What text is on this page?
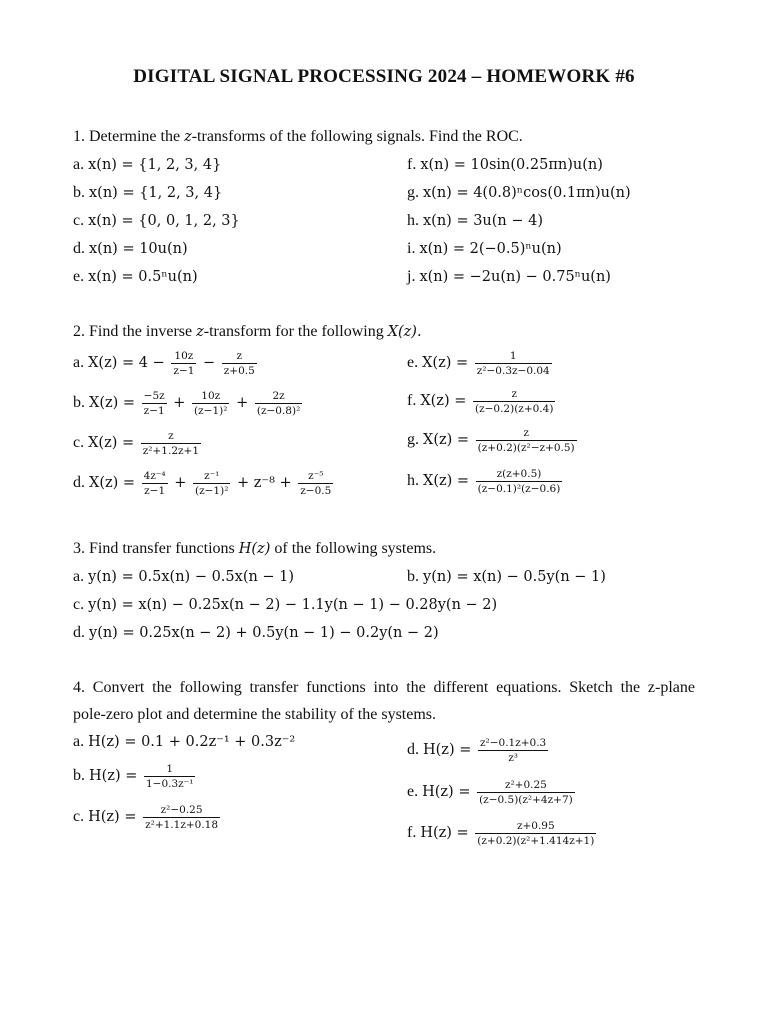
DIGITAL SIGNAL PROCESSING 2024 – HOMEWORK #6
1. Determine the z-transforms of the following signals. Find the ROC.
a. x(n) = {1, 2, 3, 4}
b. x(n) = {1, 2, 3, 4}
c. x(n) = {0, 0, 1, 2, 3}
d. x(n) = 10u(n)
e. x(n) = 0.5ⁿu(n)
f. x(n) = 10sin(0.25πn)u(n)
g. x(n) = 4(0.8)ⁿcos(0.1πn)u(n)
h. x(n) = 3u(n − 4)
i. x(n) = 2(−0.5)ⁿu(n)
j. x(n) = −2u(n) − 0.75ⁿu(n)
2. Find the inverse z-transform for the following X(z).
a. $X(z) = 4 - \frac{10z}{z-1} - \frac{z}{z+0.5}$
b. $X(z) = \frac{-5z}{z-1} + \frac{10z}{\text{(z−1)²}} + \frac{2z}{\text{(z−0.8)²}}$
c. $X(z) = \frac{z}{\text{z²+1.2z+1}}$
d. $X(z) = \frac{\text{4z⁻⁴}}{z-1} + \frac{\text{z⁻¹}}{\text{(z−1)²}} + z^{-8} + \frac{\text{z⁻⁵}}{z-0.5}$
e. $X(z) = \frac{1}{\text{z²−0.3z−0.04}}$
f. $X(z) = \frac{z}{(z-0.2)(z+0.4)}$
g. $X(z) = \frac{z}{\text{(z+0.2)(z²−z+0.5)}}$
h. $X(z) = \frac{z(z+0.5)}{\text{(z−0.1)²(z−0.6)}}$
3. Find transfer functions H(z) of the following systems.
a. y(n) = 0.5x(n) − 0.5x(n − 1)	b. y(n) = x(n) − 0.5y(n − 1)
c. y(n) = x(n) − 0.25x(n − 2) − 1.1y(n − 1) − 0.28y(n − 2)
d. y(n) = 0.25x(n − 2) + 0.5y(n − 1) − 0.2y(n − 2)
4. Convert the following transfer functions into the different equations. Sketch the z-plane
pole-zero plot and determine the stability of the systems.
a. H(z) = 0.1 + 0.2z⁻¹ + 0.3z⁻²
b. $H(z) = \frac{1}{\text{1−0.3z⁻¹}}$
c. $H(z) = \frac{\text{z²−0.25}}{\text{z²+1.1z+0.18}}$
d. $H(z) = \frac{\text{z²−0.1z+0.3}}{\text{z³}}$
e. $H(z) = \frac{\text{z²+0.25}}{\text{(z−0.5)(z²+4z+7)}}$
f. $H(z) = \frac{z+0.95}{\text{(z+0.2)(z²+1.414z+1)}}$
